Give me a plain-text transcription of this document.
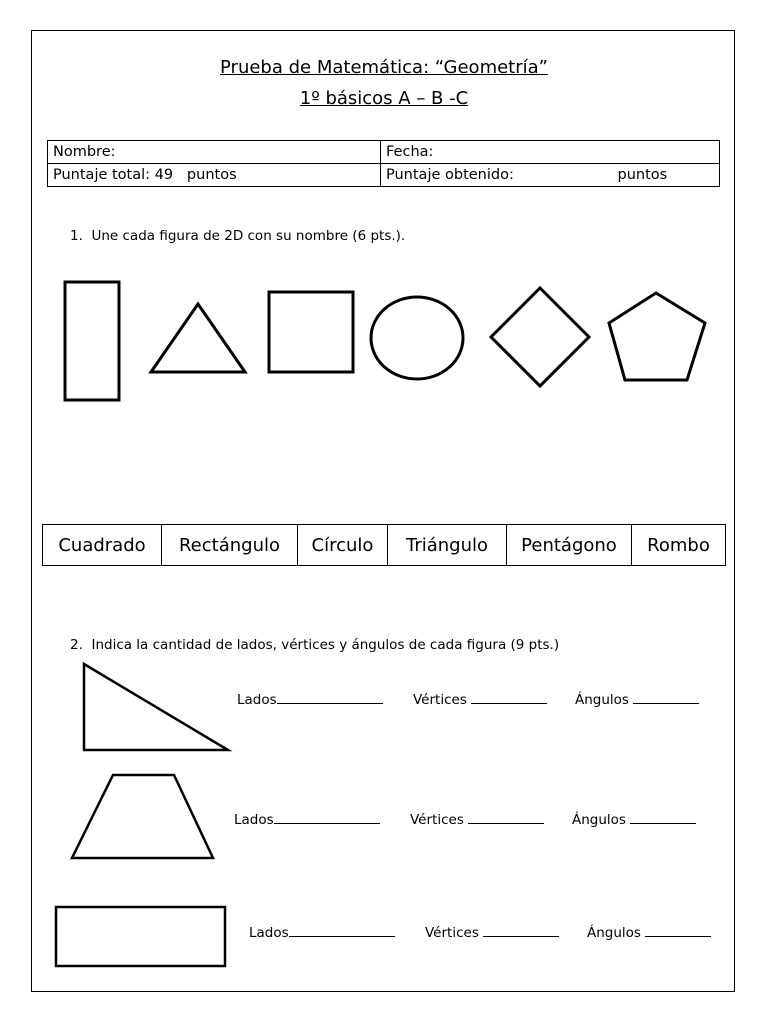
Prueba de Matemática: “Geometría”
1º básicos A – B -C
Nombre:	Fecha:
Puntaje total: 49   puntos	Puntaje obtenido: puntos
1.  Une cada figura de 2D con su nombre (6 pts.).
Cuadrado	Rectángulo	Círculo	Triángulo	Pentágono	Rombo
2.  Indica la cantidad de lados, vértices y ángulos de cada figura (9 pts.)
Lados	Vértices	Ángulos
Lados	Vértices	Ángulos
Lados	Vértices	Ángulos
